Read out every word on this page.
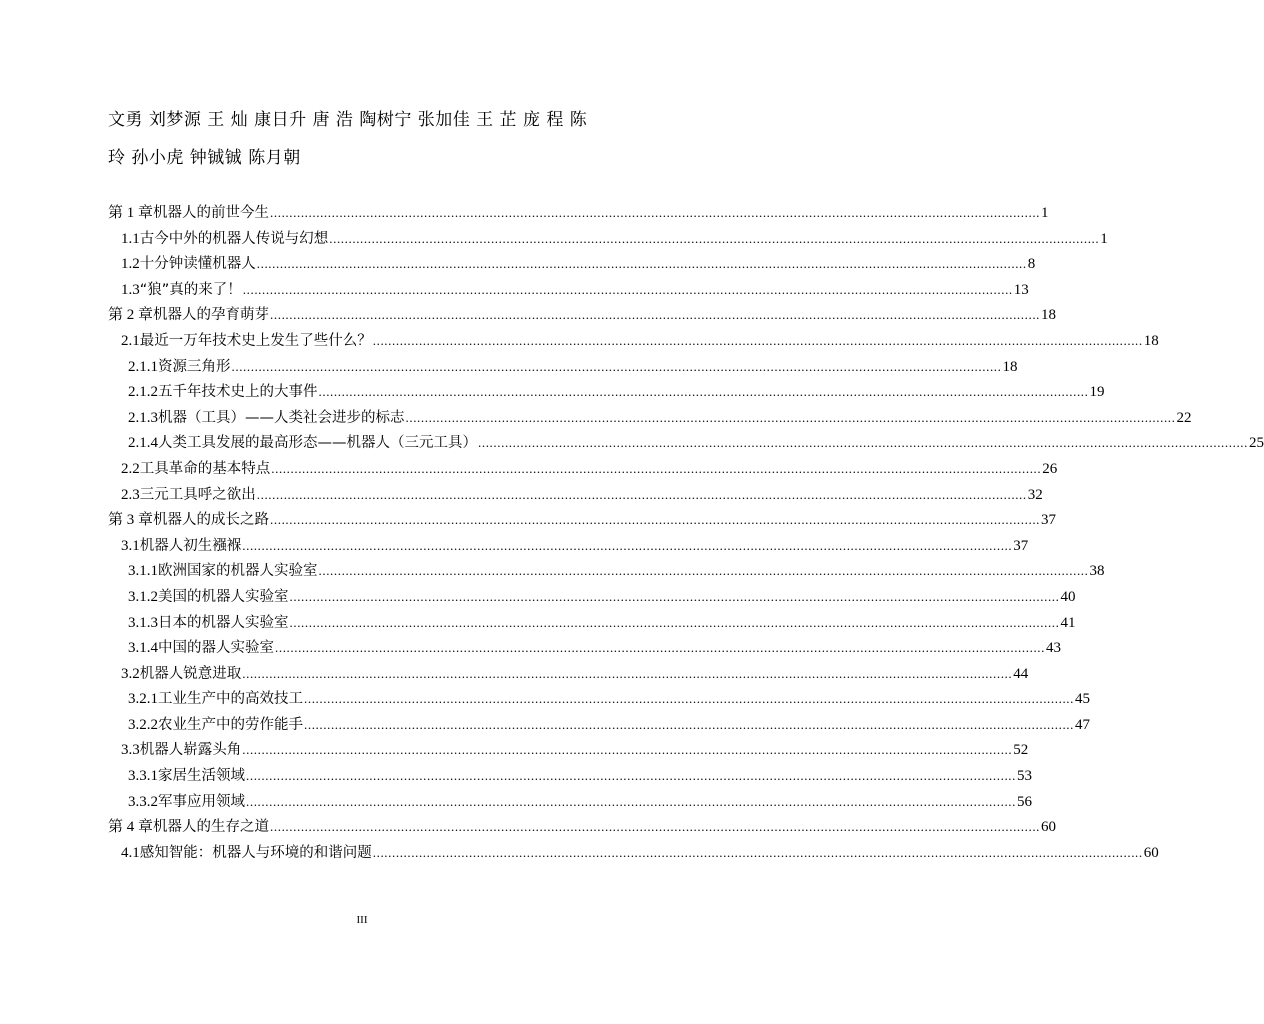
文勇 刘梦源 王 灿 康日升 唐 浩 陶树宁 张加佳 王 芷 庞 程 陈
玲 孙小虎 钟铖铖 陈月朝
第 1 章 机器人的前世今生 ........................................................................................................................................................................................................ 1
1.1 古今中外的机器人传说与幻想 ........................................................................................................................................................................................................ 1
1.2 十分钟读懂机器人 ........................................................................................................................................................................................................ 8
1.3 “狼”真的来了！ ........................................................................................................................................................................................................ 13
第 2 章 机器人的孕育萌芽 ........................................................................................................................................................................................................ 18
2.1 最近一万年技术史上发生了些什么？ ........................................................................................................................................................................................................ 18
2.1.1 资源三角形 ........................................................................................................................................................................................................ 18
2.1.2 五千年技术史上的大事件 ........................................................................................................................................................................................................ 19
2.1.3 机器（工具）——人类社会进步的标志 ........................................................................................................................................................................................................ 22
2.1.4 人类工具发展的最高形态——机器人（三元工具） ........................................................................................................................................................................................................ 25
2.2 工具革命的基本特点 ........................................................................................................................................................................................................ 26
2.3 三元工具呼之欲出 ........................................................................................................................................................................................................ 32
第 3 章 机器人的成长之路 ........................................................................................................................................................................................................ 37
3.1 机器人初生襁褓 ........................................................................................................................................................................................................ 37
3.1.1 欧洲国家的机器人实验室 ........................................................................................................................................................................................................ 38
3.1.2 美国的机器人实验室 ........................................................................................................................................................................................................ 40
3.1.3 日本的机器人实验室 ........................................................................................................................................................................................................ 41
3.1.4 中国的器人实验室 ........................................................................................................................................................................................................ 43
3.2 机器人锐意进取 ........................................................................................................................................................................................................ 44
3.2.1 工业生产中的高效技工 ........................................................................................................................................................................................................ 45
3.2.2 农业生产中的劳作能手 ........................................................................................................................................................................................................ 47
3.3 机器人崭露头角 ........................................................................................................................................................................................................ 52
3.3.1 家居生活领域 ........................................................................................................................................................................................................ 53
3.3.2 军事应用领域 ........................................................................................................................................................................................................ 56
第 4 章 机器人的生存之道 ........................................................................................................................................................................................................ 60
4.1 感知智能：机器人与环境的和谐问题 ........................................................................................................................................................................................................ 60
III
